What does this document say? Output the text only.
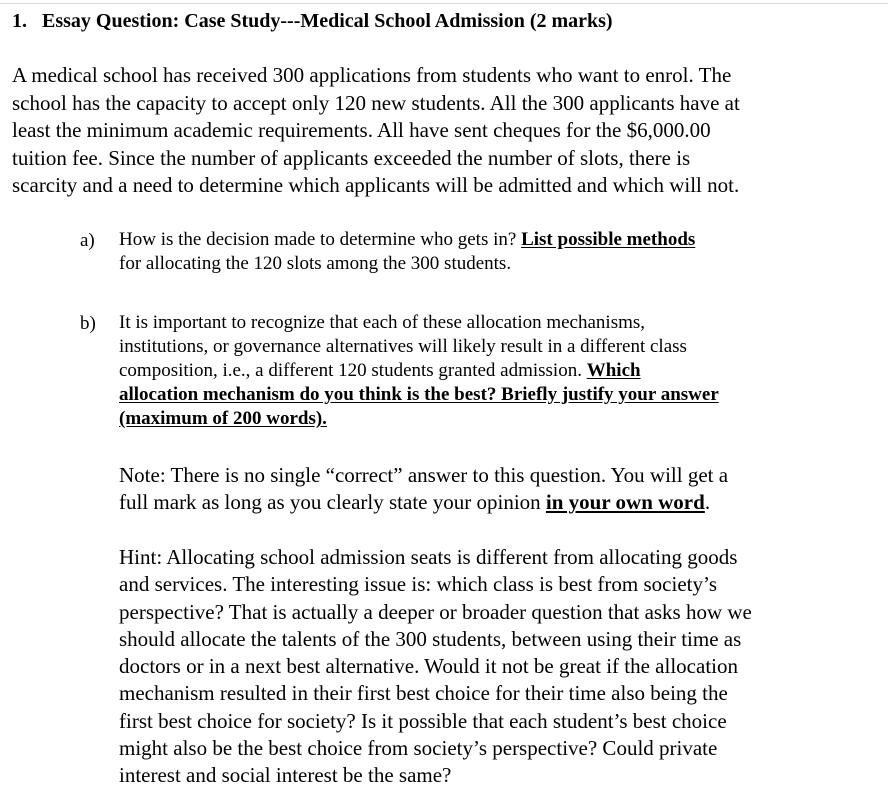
1. Essay Question: Case Study---Medical School Admission (2 marks)
A medical school has received 300 applications from students who want to enrol. The
school has the capacity to accept only 120 new students. All the 300 applicants have at
least the minimum academic requirements. All have sent cheques for the $6,000.00
tuition fee. Since the number of applicants exceeded the number of slots, there is
scarcity and a need to determine which applicants will be admitted and which will not.
a) How is the decision made to determine who gets in? List possible methods
for allocating the 120 slots among the 300 students.
b) It is important to recognize that each of these allocation mechanisms,
institutions, or governance alternatives will likely result in a different class
composition, i.e., a different 120 students granted admission. Which
allocation mechanism do you think is the best? Briefly justify your answer
(maximum of 200 words).
Note: There is no single “correct” answer to this question. You will get a
full mark as long as you clearly state your opinion in your own word.
Hint: Allocating school admission seats is different from allocating goods
and services. The interesting issue is: which class is best from society’s
perspective? That is actually a deeper or broader question that asks how we
should allocate the talents of the 300 students, between using their time as
doctors or in a next best alternative. Would it not be great if the allocation
mechanism resulted in their first best choice for their time also being the
first best choice for society? Is it possible that each student’s best choice
might also be the best choice from society’s perspective? Could private
interest and social interest be the same?
